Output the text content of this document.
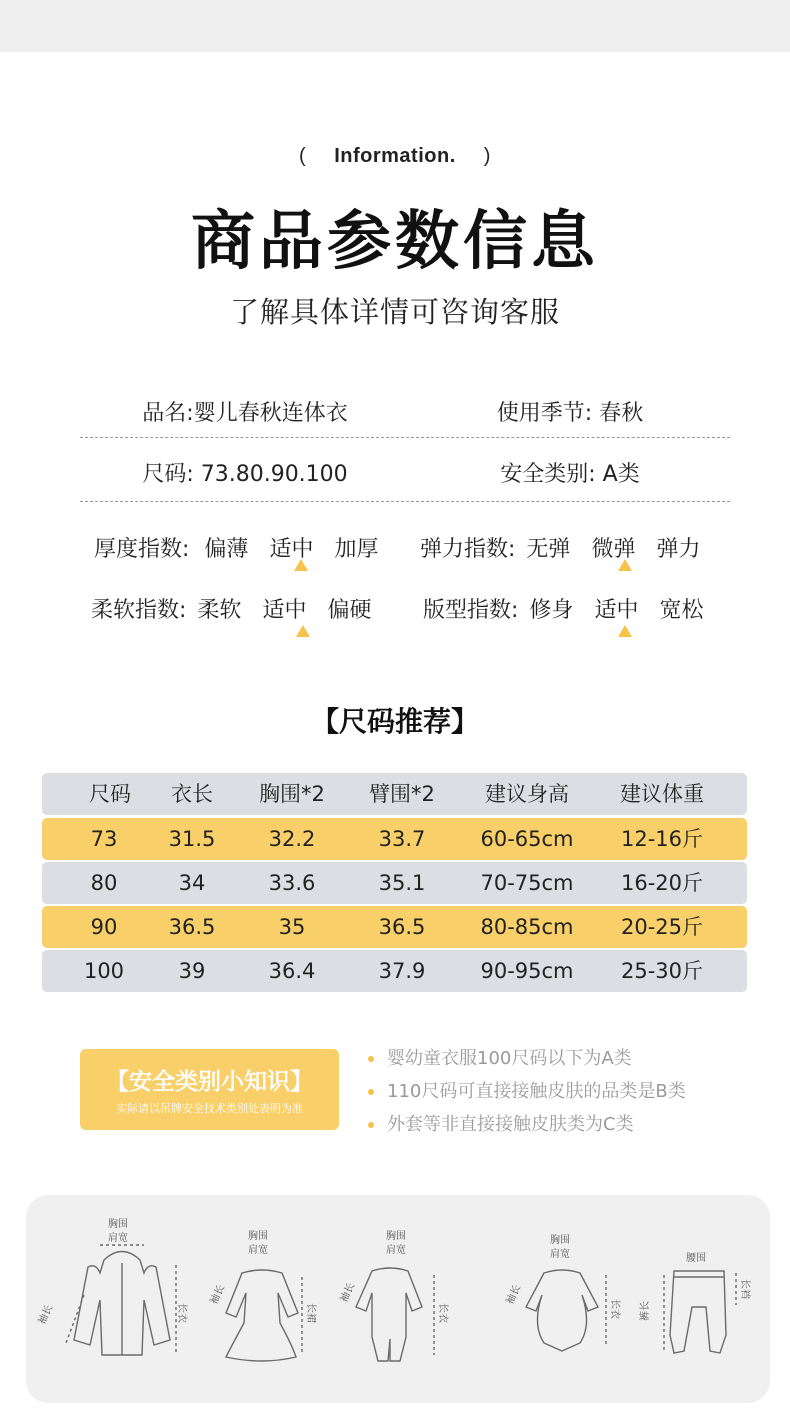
( Information. )
商品参数信息
了解具体详情可咨询客服
品名:婴儿春秋连体衣	使用季节: 春秋
尺码: 73.80.90.100	安全类别: A类
厚度指数: 偏薄 适中 加厚 弹力指数: 无弹 微弹 弹力
柔软指数: 柔软 适中 偏硬 版型指数: 修身 适中 宽松
【尺码推荐】
尺码	衣长	胸围*2	臂围*2	建议身高	建议体重
73	31.5	32.2	33.7	60-65cm	12-16斤
80	34	33.6	35.1	70-75cm	16-20斤
90	36.5	35	36.5	80-85cm	20-25斤
100	39	36.4	37.9	90-95cm	25-30斤
【安全类别小知识】
实际请以吊牌安全技术类别处表明为准
婴幼童衣服100尺码以下为A类
110尺码可直接接触皮肤的品类是B类
外套等非直接接触皮肤类为C类
胸围
肩宽
袖长	长衣
胸围
肩宽
袖长
长裙
胸围
肩宽
袖长
长衣
胸围
肩宽
袖长
长衣
腰围
裤长
长裆
